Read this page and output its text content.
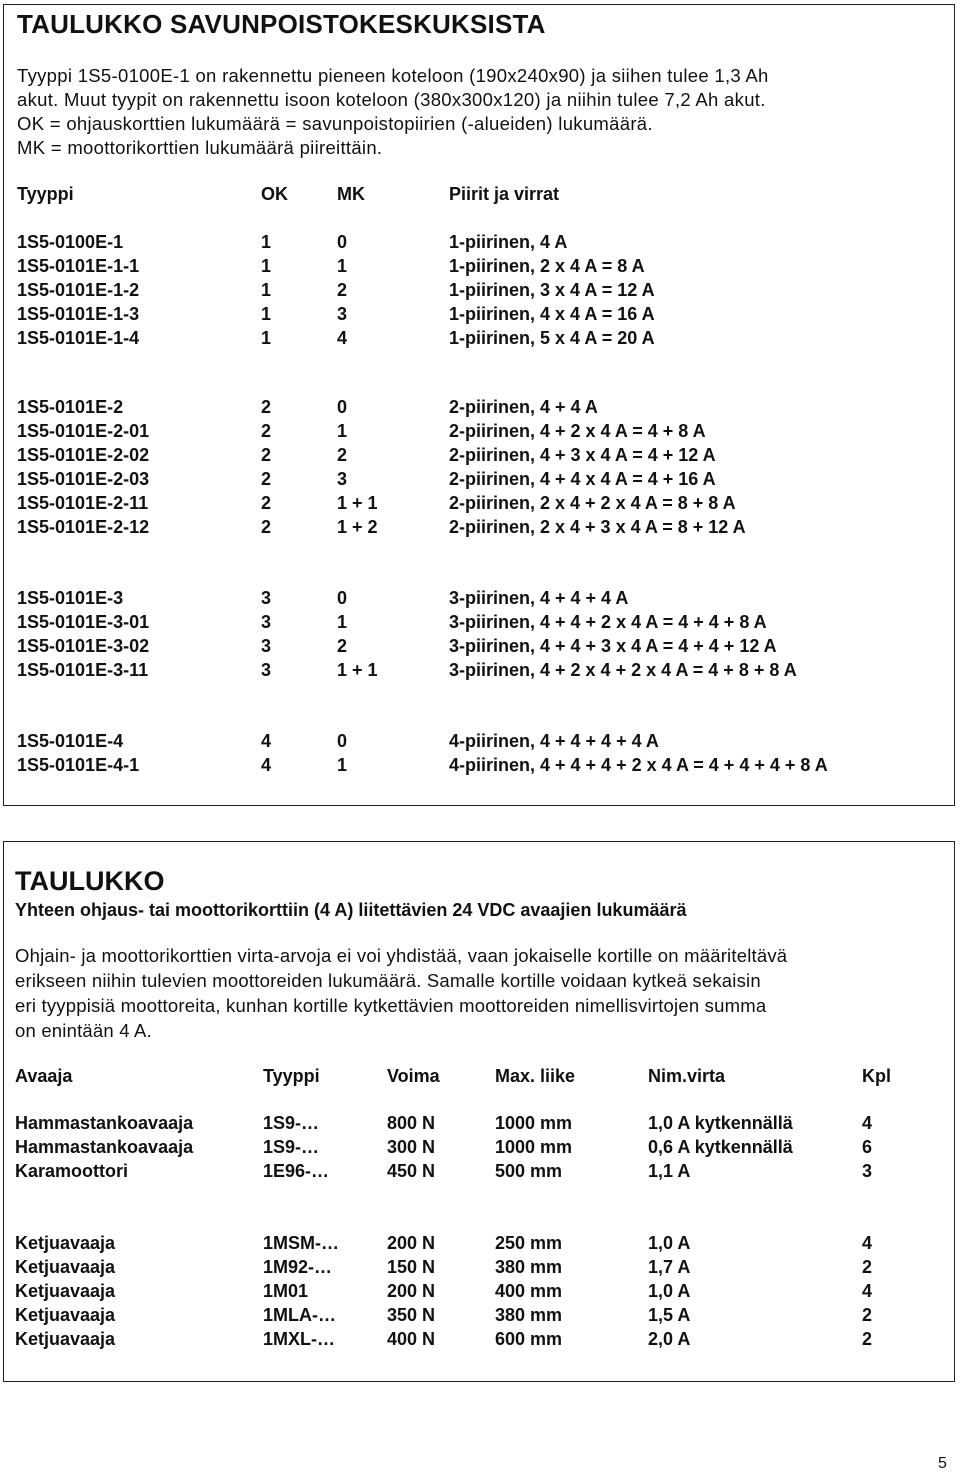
TAULUKKO SAVUNPOISTOKESKUKSISTA
Tyyppi 1S5-0100E-1 on rakennettu pieneen koteloon (190x240x90) ja siihen tulee 1,3 Ah
akut. Muut tyypit on rakennettu isoon koteloon (380x300x120) ja niihin tulee 7,2 Ah akut.
OK = ohjauskorttien lukumäärä = savunpoistopiirien (-alueiden) lukumäärä.
MK = moottorikorttien lukumäärä piireittäin.
Tyyppi	OK	MK	Piirit ja virrat
1S5-0100E-1	1	0	1-piirinen, 4 A
1S5-0101E-1-1	1	1	1-piirinen, 2 x 4 A = 8 A
1S5-0101E-1-2	1	2	1-piirinen, 3 x 4 A = 12 A
1S5-0101E-1-3	1	3	1-piirinen, 4 x 4 A = 16 A
1S5-0101E-1-4	1	4	1-piirinen, 5 x 4 A = 20 A
1S5-0101E-2	2	0	2-piirinen, 4 + 4 A
1S5-0101E-2-01	2	1	2-piirinen, 4 + 2 x 4 A = 4 + 8 A
1S5-0101E-2-02	2	2	2-piirinen, 4 + 3 x 4 A = 4 + 12 A
1S5-0101E-2-03	2	3	2-piirinen, 4 + 4 x 4 A = 4 + 16 A
1S5-0101E-2-11	2	1 + 1	2-piirinen, 2 x 4 + 2 x 4 A = 8 + 8 A
1S5-0101E-2-12	2	1 + 2	2-piirinen, 2 x 4 + 3 x 4 A = 8 + 12 A
1S5-0101E-3	3	0	3-piirinen, 4 + 4 + 4 A
1S5-0101E-3-01	3	1	3-piirinen, 4 + 4 + 2 x 4 A = 4 + 4 + 8 A
1S5-0101E-3-02	3	2	3-piirinen, 4 + 4 + 3 x 4 A = 4 + 4 + 12 A
1S5-0101E-3-11	3	1 + 1	3-piirinen, 4 + 2 x 4 + 2 x 4 A = 4 + 8 + 8 A
1S5-0101E-4	4	0	4-piirinen, 4 + 4 + 4 + 4 A
1S5-0101E-4-1	4	1	4-piirinen, 4 + 4 + 4 + 2 x 4 A = 4 + 4 + 4 + 8 A
TAULUKKO
Yhteen ohjaus- tai moottorikorttiin (4 A) liitettävien 24 VDC avaajien lukumäärä
Ohjain- ja moottorikorttien virta-arvoja ei voi yhdistää, vaan jokaiselle kortille on määriteltävä
erikseen niihin tulevien moottoreiden lukumäärä. Samalle kortille voidaan kytkeä sekaisin
eri tyyppisiä moottoreita, kunhan kortille kytkettävien moottoreiden nimellisvirtojen summa
on enintään 4 A.
Avaaja	Tyyppi	Voima	Max. liike	Nim.virta	Kpl
Hammastankoavaaja	1S9-…	800 N	1000 mm	1,0 A kytkennällä	4
Hammastankoavaaja	1S9-…	300 N	1000 mm	0,6 A kytkennällä	6
Karamoottori	1E96-…	450 N	500 mm	1,1 A	3
Ketjuavaaja	1MSM-…	200 N	250 mm	1,0 A	4
Ketjuavaaja	1M92-…	150 N	380 mm	1,7 A	2
Ketjuavaaja	1M01	200 N	400 mm	1,0 A	4
Ketjuavaaja	1MLA-…	350 N	380 mm	1,5 A	2
Ketjuavaaja	1MXL-…	400 N	600 mm	2,0 A	2
5
